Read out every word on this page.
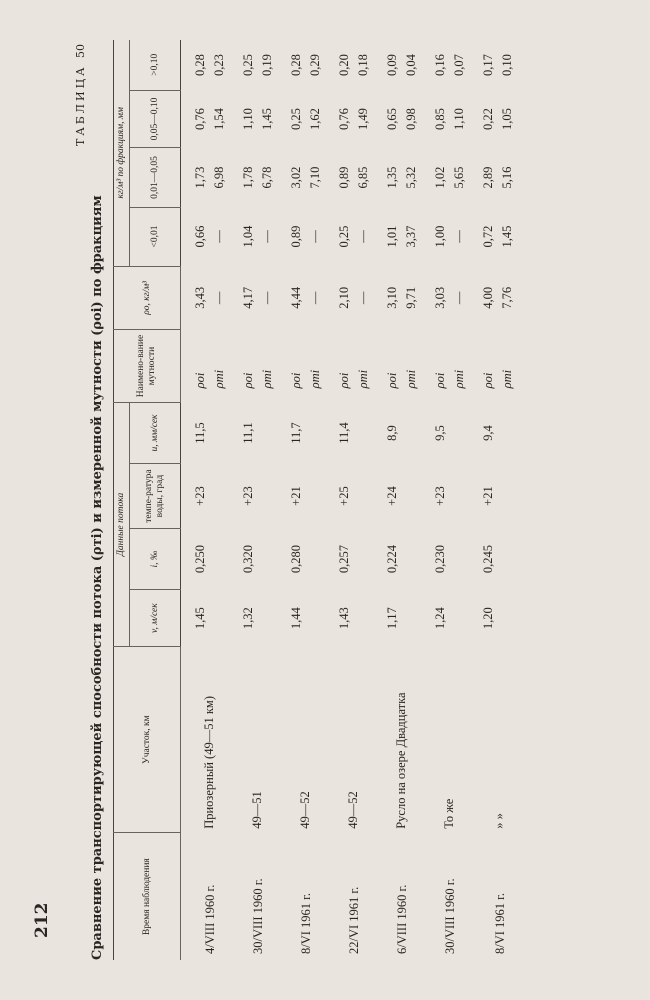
212
ТАБЛИЦА 50
Сравнение транспортирующей способности потока (ρтi) и измеренной мутности (ρoi) по фракциям	Время наблюдения	Участок, км	Данные потока				Наимено-вание мутности	ρo, кг/м³	кг/м³ по фракциям, мм			
		v, м/сек	i, ‰	темпе-ратура воды, град	u, мм/сек			<0,01	0,01—0,05	0,05—0,10	>0,10
4/VIII 1960 г.	Приозерный (49—51 км)	1,45	0,250	+23	11,5	ρoi	3,43	0,66	1,73	0,76	0,28
						ρтi	—	—	6,98	1,54	0,23
30/VIII 1960 г.	49—51	1,32	0,320	+23	11,1	ρoi	4,17	1,04	1,78	1,10	0,25
						ρтi	—	—	6,78	1,45	0,19
8/VI 1961 г.	49—52	1,44	0,280	+21	11,7	ρoi	4,44	0,89	3,02	0,25	0,28
						ρтi	—	—	7,10	1,62	0,29
22/VI 1961 г.	49—52	1,43	0,257	+25	11,4	ρoi	2,10	0,25	0,89	0,76	0,20
						ρтi	—	—	6,85	1,49	0,18
6/VIII 1960 г.	Русло на озере Двадцатка	1,17	0,224	+24	8,9	ρoi	3,10	1,01	1,35	0,65	0,09
						ρтi	9,71	3,37	5,32	0,98	0,04
30/VIII 1960 г.	То же	1,24	0,230	+23	9,5	ρoi	3,03	1,00	1,02	0,85	0,16
						ρтi	—	—	5,65	1,10	0,07
8/VI 1961 г.	» »	1,20	0,245	+21	9,4	ρoi	4,00	0,72	2,89	0,22	0,17
						ρтi	7,76	1,45	5,16	1,05	0,10
